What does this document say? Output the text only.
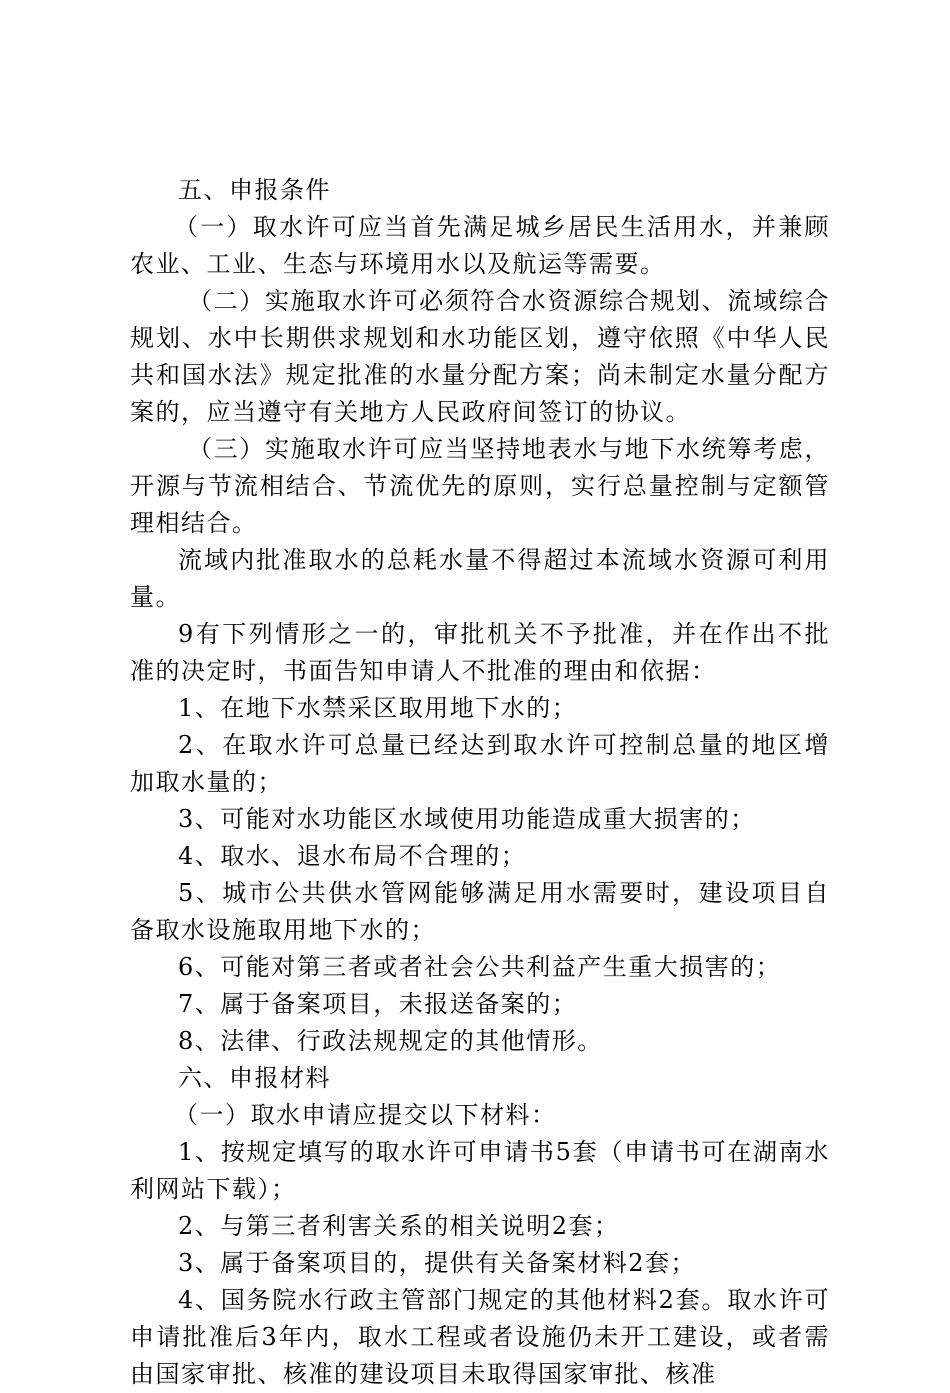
五、申报条件

（一）取水许可应当首先满足城乡居民生活用水，并兼顾农业、工业、生态与环境用水以及航运等需要。

（二）实施取水许可必须符合水资源综合规划、流域综合规划、水中长期供求规划和水功能区划，遵守依照《中华人民共和国水法》规定批准的水量分配方案；尚未制定水量分配方案的，应当遵守有关地方人民政府间签订的协议。

（三）实施取水许可应当坚持地表水与地下水统筹考虑，开源与节流相结合、节流优先的原则，实行总量控制与定额管理相结合。

流域内批准取水的总耗水量不得超过本流域水资源可利用量。

9有下列情形之一的，审批机关不予批准，并在作出不批准的决定时，书面告知申请人不批准的理由和依据：

1、在地下水禁采区取用地下水的；

2、在取水许可总量已经达到取水许可控制总量的地区增加取水量的；

3、可能对水功能区水域使用功能造成重大损害的；

4、取水、退水布局不合理的；

5、城市公共供水管网能够满足用水需要时，建设项目自备取水设施取用地下水的；

6、可能对第三者或者社会公共利益产生重大损害的；

7、属于备案项目，未报送备案的；

8、法律、行政法规规定的其他情形。

六、申报材料

（一）取水申请应提交以下材料：

1、按规定填写的取水许可申请书5套（申请书可在湖南水利网站下载）；

2、与第三者利害关系的相关说明2套；

3、属于备案项目的，提供有关备案材料2套；

4、国务院水行政主管部门规定的其他材料2套。取水许可申请批准后3年内，取水工程或者设施仍未开工建设，或者需由国家审批、核准的建设项目未取得国家审批、核准
